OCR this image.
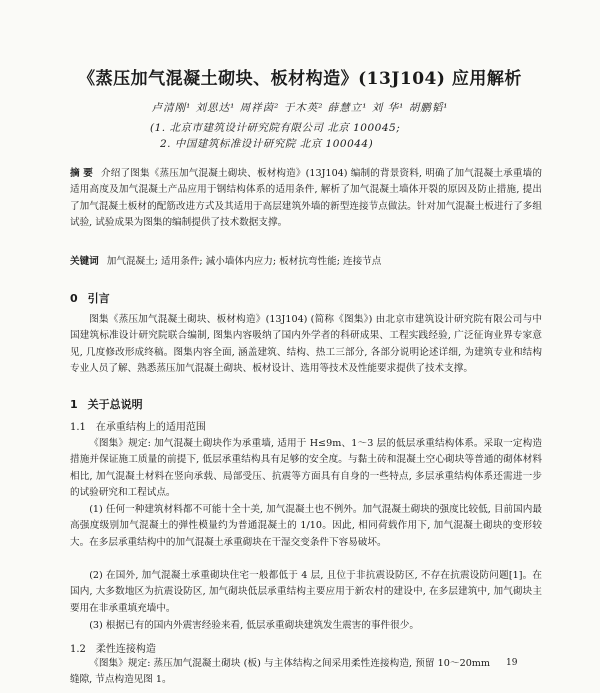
《蒸压加气混凝土砌块、板材构造》(13J104) 应用解析
卢清刚¹ 刘思达¹ 周祥茵² 于木英² 薛慧立¹ 刘 华¹ 胡鹏韬¹
(1. 北京市建筑设计研究院有限公司 北京 100045;
2. 中国建筑标准设计研究院 北京 100044)
摘 要 介绍了图集《蒸压加气混凝土砌块、板材构造》(13J104) 编制的背景资料, 明确了加气混凝土承重墙的适用高度及加气混凝土产品应用于钢结构体系的适用条件, 解析了加气混凝土墙体开裂的原因及防止措施, 提出了加气混凝土板材的配筋改进方式及其适用于高层建筑外墙的新型连接节点做法。针对加气混凝土板进行了多组试验, 试验成果为图集的编制提供了技术数据支撑。
关键词 加气混凝土; 适用条件; 減小墙体内应力; 板材抗弯性能; 连接节点
0 引言
图集《蒸压加气混凝土砌块、板材构造》(13J104) (简称《图集》) 由北京市建筑设计研究院有限公司与中国建筑标准设计研究院联合编制, 图集内容吸纳了国内外学者的科研成果、工程实践经验, 广泛征询业界专家意见, 几度修改形成终稿。图集内容全面, 涵盖建筑、结构、热工三部分, 各部分说明论述详细, 为建筑专业和结构专业人员了解、熟悉蒸压加气混凝土砌块、板材设计、选用等技术及性能要求提供了技术支撑。
1 关于总说明
1.1 在承重结构上的适用范围
《图集》规定: 加气混凝土砌块作为承重墙, 适用于 H≤9m、1～3 层的低层承重结构体系。采取一定构造措施并保证施工质量的前提下, 低层承重结构具有足够的安全度。与黏土砖和混凝土空心砌块等普通的砌体材料相比, 加气混凝土材料在竖向承载、局部受压、抗震等方面具有自身的一些特点, 多层承重结构体系还需进一步的试验研究和工程试点。
(1) 任何一种建筑材料都不可能十全十美, 加气混凝土也不例外。加气混凝土砌块的强度比较低, 目前国内最高强度级别加气混凝土的弹性模量约为普通混凝土的 1/10。因此, 相同荷载作用下, 加气混凝土砌块的变形较大。在多层承重结构中的加气混凝土承重砌块在干湿交变条件下容易破坏。
(2) 在国外, 加气混凝土承重砌块住宅一般都低于 4 层, 且位于非抗震设防区, 不存在抗震设防问题[1]。在国内, 大多数地区为抗震设防区, 加气砌块低层承重结构主要应用于新农村的建设中, 在多层建筑中, 加气砌块主要用在非承重填充墙中。
(3) 根据已有的国内外震害经验来看, 低层承重砌块建筑发生震害的事件很少。
1.2 柔性连接构造
《图集》规定: 蒸压加气混凝土砌块 (板) 与主体结构之间采用柔性连接构造, 预留 10～20mm 缝隙, 节点构造见图 1。
19
